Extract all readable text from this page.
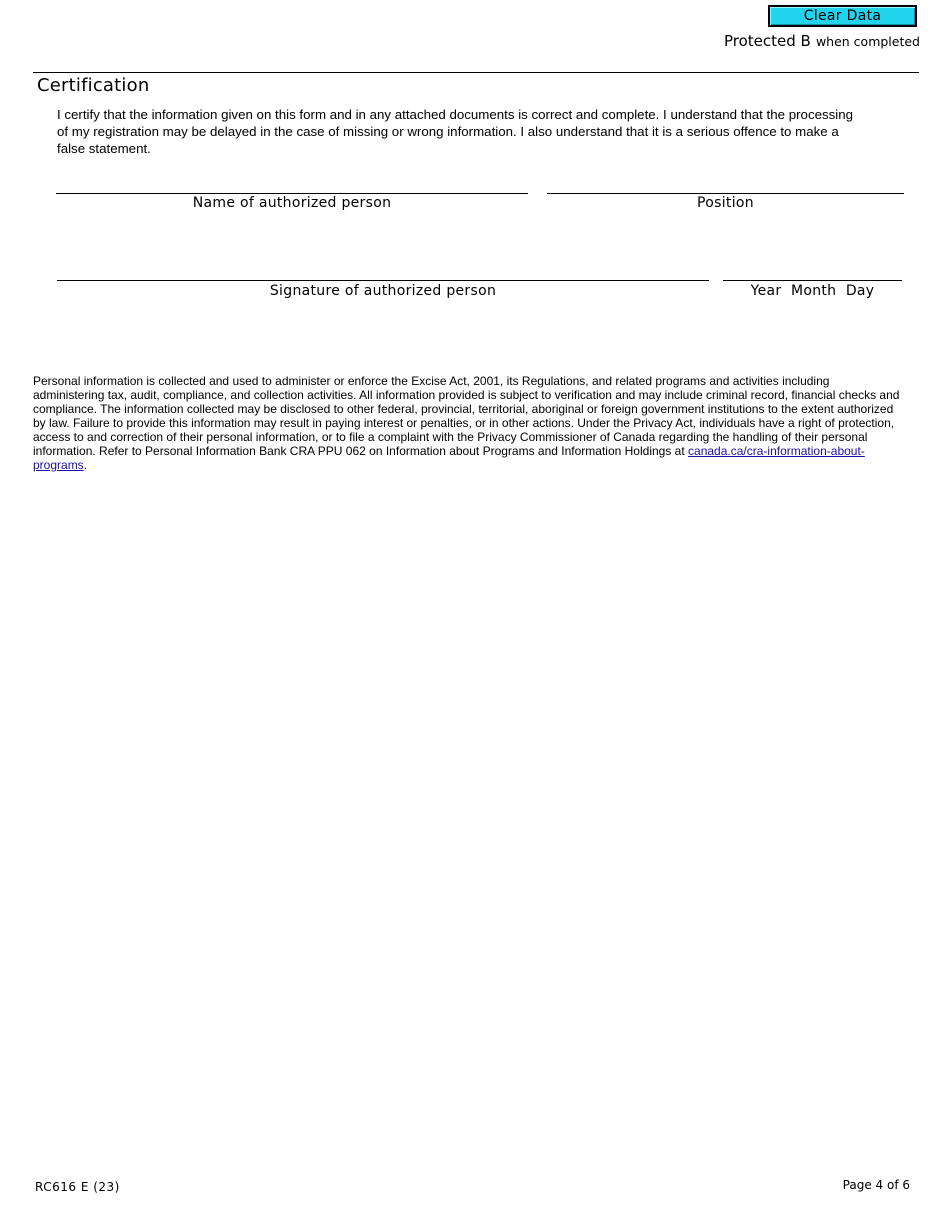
Clear Data
Protected B when completed
Certification
I certify that the information given on this form and in any attached documents is correct and complete. I understand that the processing of my registration may be delayed in the case of missing or wrong information. I also understand that it is a serious offence to make a false statement.
Name of authorized person	Position
Signature of authorized person	Year  Month  Day
Personal information is collected and used to administer or enforce the Excise Act, 2001, its Regulations, and related programs and activities including administering tax, audit, compliance, and collection activities. All information provided is subject to verification and may include criminal record, financial checks and compliance. The information collected may be disclosed to other federal, provincial, territorial, aboriginal or foreign government institutions to the extent authorized by law. Failure to provide this information may result in paying interest or penalties, or in other actions. Under the Privacy Act, individuals have a right of protection, access to and correction of their personal information, or to file a complaint with the Privacy Commissioner of Canada regarding the handling of their personal information. Refer to Personal Information Bank CRA PPU 062 on Information about Programs and Information Holdings at canada.ca/cra-information-about-programs.
RC616 E (23)	Page 4 of 6
